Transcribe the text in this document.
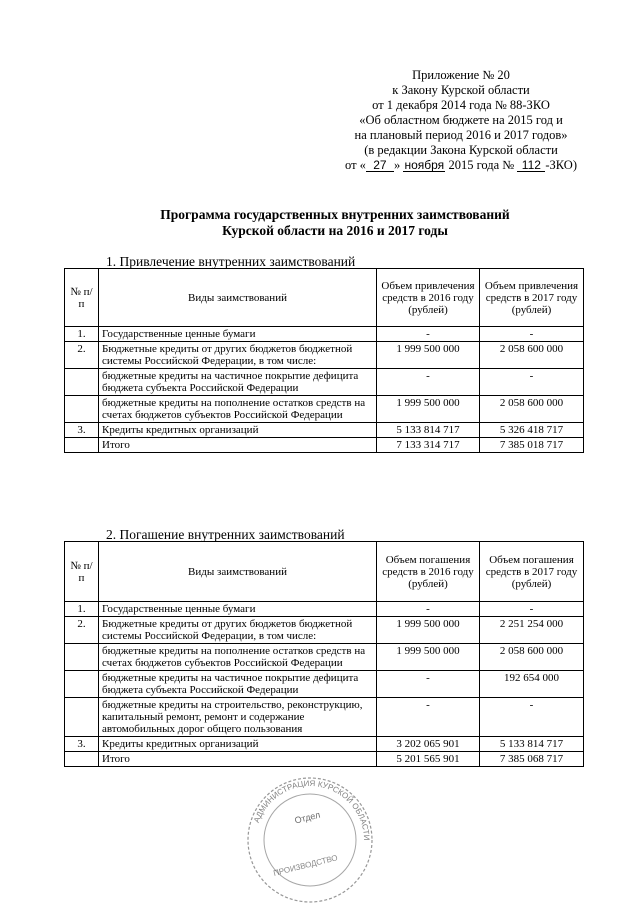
Приложение № 20
к Закону Курской области
от 1 декабря 2014 года № 88-ЗКО
«Об областном бюджете на 2015 год и
на плановый период 2016 и 2017 годов»
(в редакции Закона Курской области
от « 27 » ноября 2015 года № 112 -ЗКО)
Программа государственных внутренних заимствований
Курской области на 2016 и 2017 годы
1. Привлечение внутренних заимствований
№ п/п	Виды заимствований	Объем привлечения средств в 2016 году (рублей)	Объем привлечения средств в 2017 году (рублей)
1.	Государственные ценные бумаги	-	-
2.	Бюджетные кредиты от других бюджетов бюджетной системы Российской Федерации, в том числе:	1 999 500 000	2 058 600 000
	бюджетные кредиты на частичное покрытие дефицита бюджета субъекта Российской Федерации	-	-
	бюджетные кредиты на пополнение остатков средств на счетах бюджетов субъектов Российской Федерации	1 999 500 000	2 058 600 000
3.	Кредиты кредитных организаций	5 133 814 717	5 326 418 717
	Итого	7 133 314 717	7 385 018 717
2. Погашение внутренних заимствований
№ п/п	Виды заимствований	Объем погашения средств в 2016 году (рублей)	Объем погашения средств в 2017 году (рублей)
1.	Государственные ценные бумаги	-	-
2.	Бюджетные кредиты от других бюджетов бюджетной системы Российской Федерации, в том числе:	1 999 500 000	2 251 254 000
	бюджетные кредиты на пополнение остатков средств на счетах бюджетов субъектов Российской Федерации	1 999 500 000	2 058 600 000
	бюджетные кредиты на частичное покрытие дефицита бюджета субъекта Российской Федерации	-	192 654 000
	бюджетные кредиты на строительство, реконструкцию, капитальный ремонт, ремонт и содержание автомобильных дорог общего пользования	-	-
3.	Кредиты кредитных организаций	3 202 065 901	5 133 814 717
	Итого	5 201 565 901	7 385 068 717
АДМИНИСТРАЦИЯ КУРСКОЙ ОБЛАСТИ
Отдел
ПРОИЗВОДСТВО
